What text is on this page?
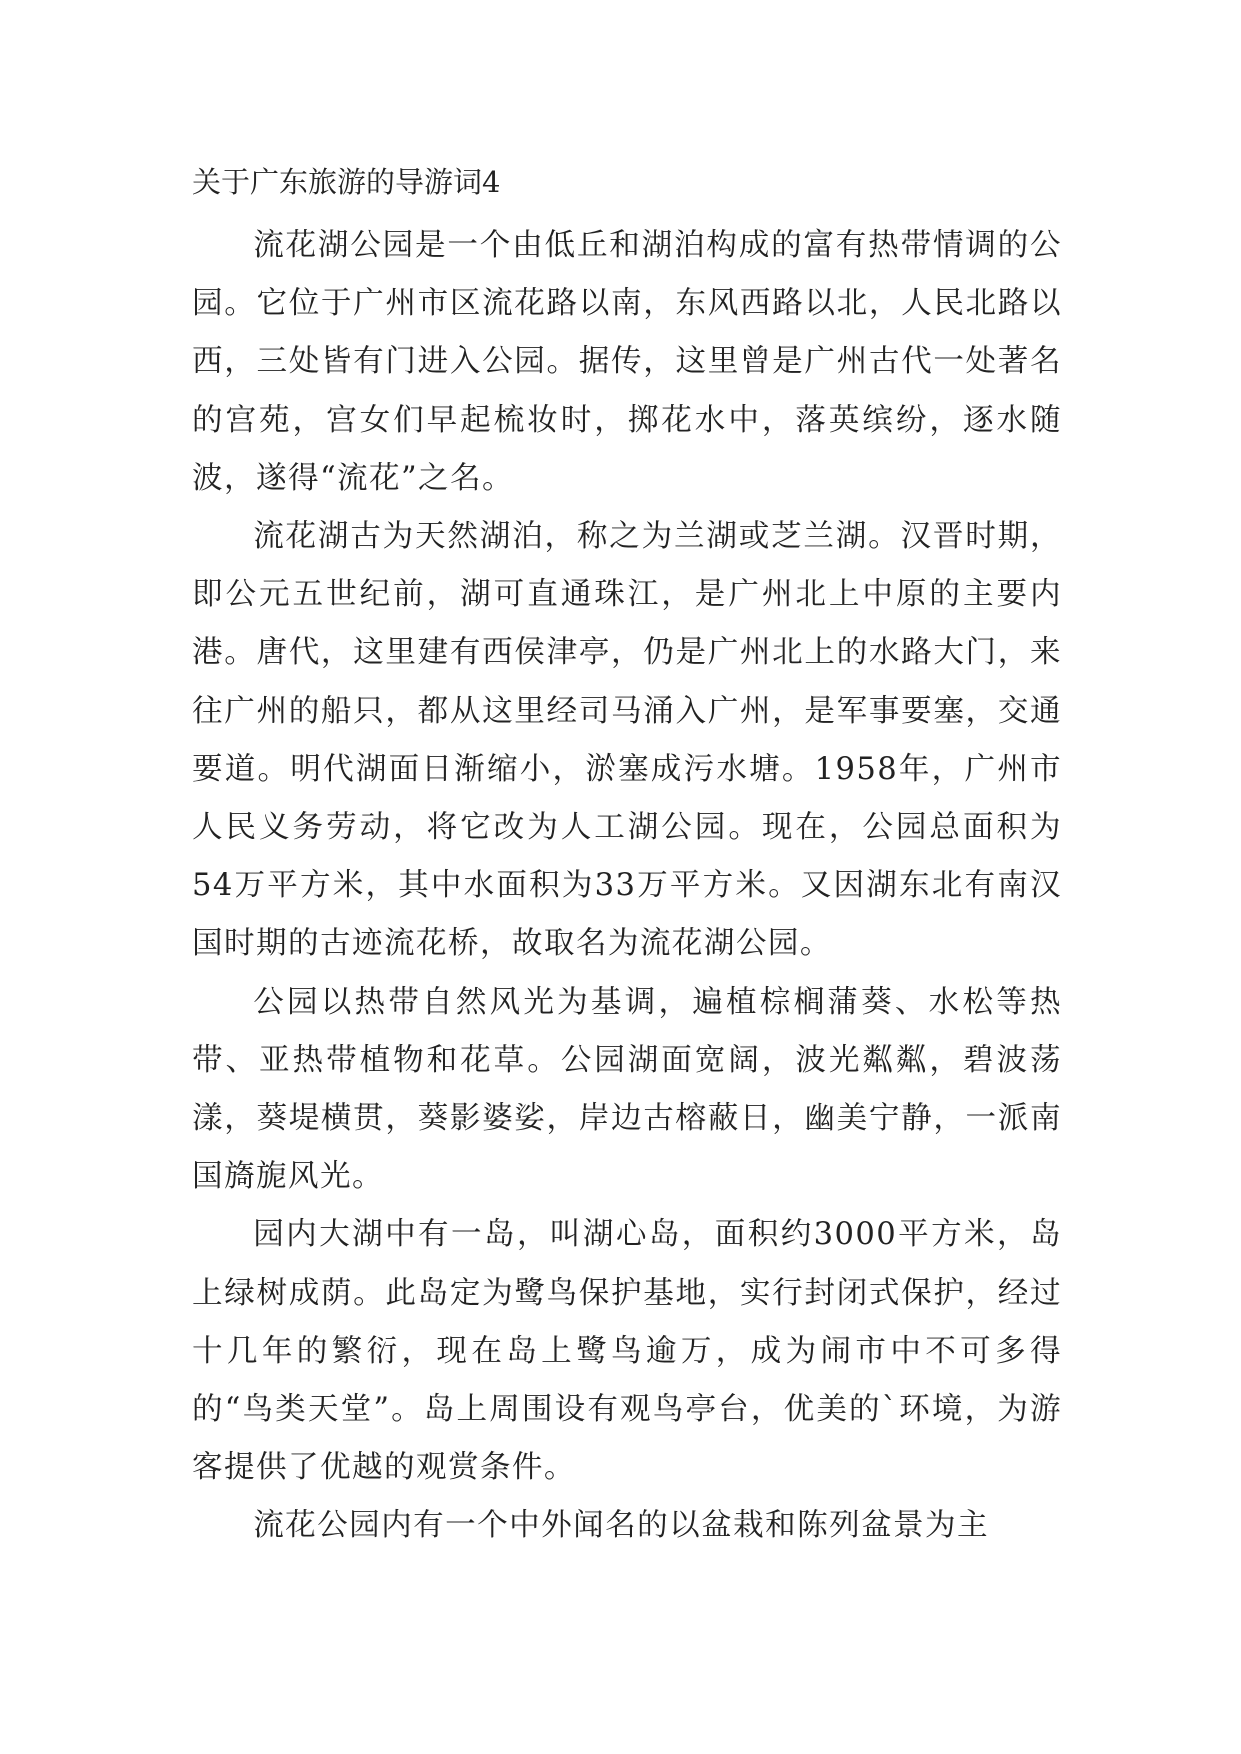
关于广东旅游的导游词4

流花湖公园是一个由低丘和湖泊构成的富有热带情调的公园。它位于广州市区流花路以南，东风西路以北，人民北路以西，三处皆有门进入公园。据传，这里曾是广州古代一处著名的宫苑，宫女们早起梳妆时，掷花水中，落英缤纷，逐水随波，遂得“流花”之名。

流花湖古为天然湖泊，称之为兰湖或芝兰湖。汉晋时期，即公元五世纪前，湖可直通珠江，是广州北上中原的主要内港。唐代，这里建有西侯津亭，仍是广州北上的水路大门，来往广州的船只，都从这里经司马涌入广州，是军事要塞，交通要道。明代湖面日渐缩小，淤塞成污水塘。1958年，广州市人民义务劳动，将它改为人工湖公园。现在，公园总面积为54万平方米，其中水面积为33万平方米。又因湖东北有南汉国时期的古迹流花桥，故取名为流花湖公园。

公园以热带自然风光为基调，遍植棕榈蒲葵、水松等热带、亚热带植物和花草。公园湖面宽阔，波光粼粼，碧波荡漾，葵堤横贯，葵影婆娑，岸边古榕蔽日，幽美宁静，一派南国旖旎风光。

园内大湖中有一岛，叫湖心岛，面积约3000平方米，岛上绿树成荫。此岛定为鹭鸟保护基地，实行封闭式保护，经过十几年的繁衍，现在岛上鹭鸟逾万，成为闹市中不可多得的“鸟类天堂”。岛上周围设有观鸟亭台，优美的`环境，为游客提供了优越的观赏条件。

流花公园内有一个中外闻名的以盆栽和陈列盆景为主
